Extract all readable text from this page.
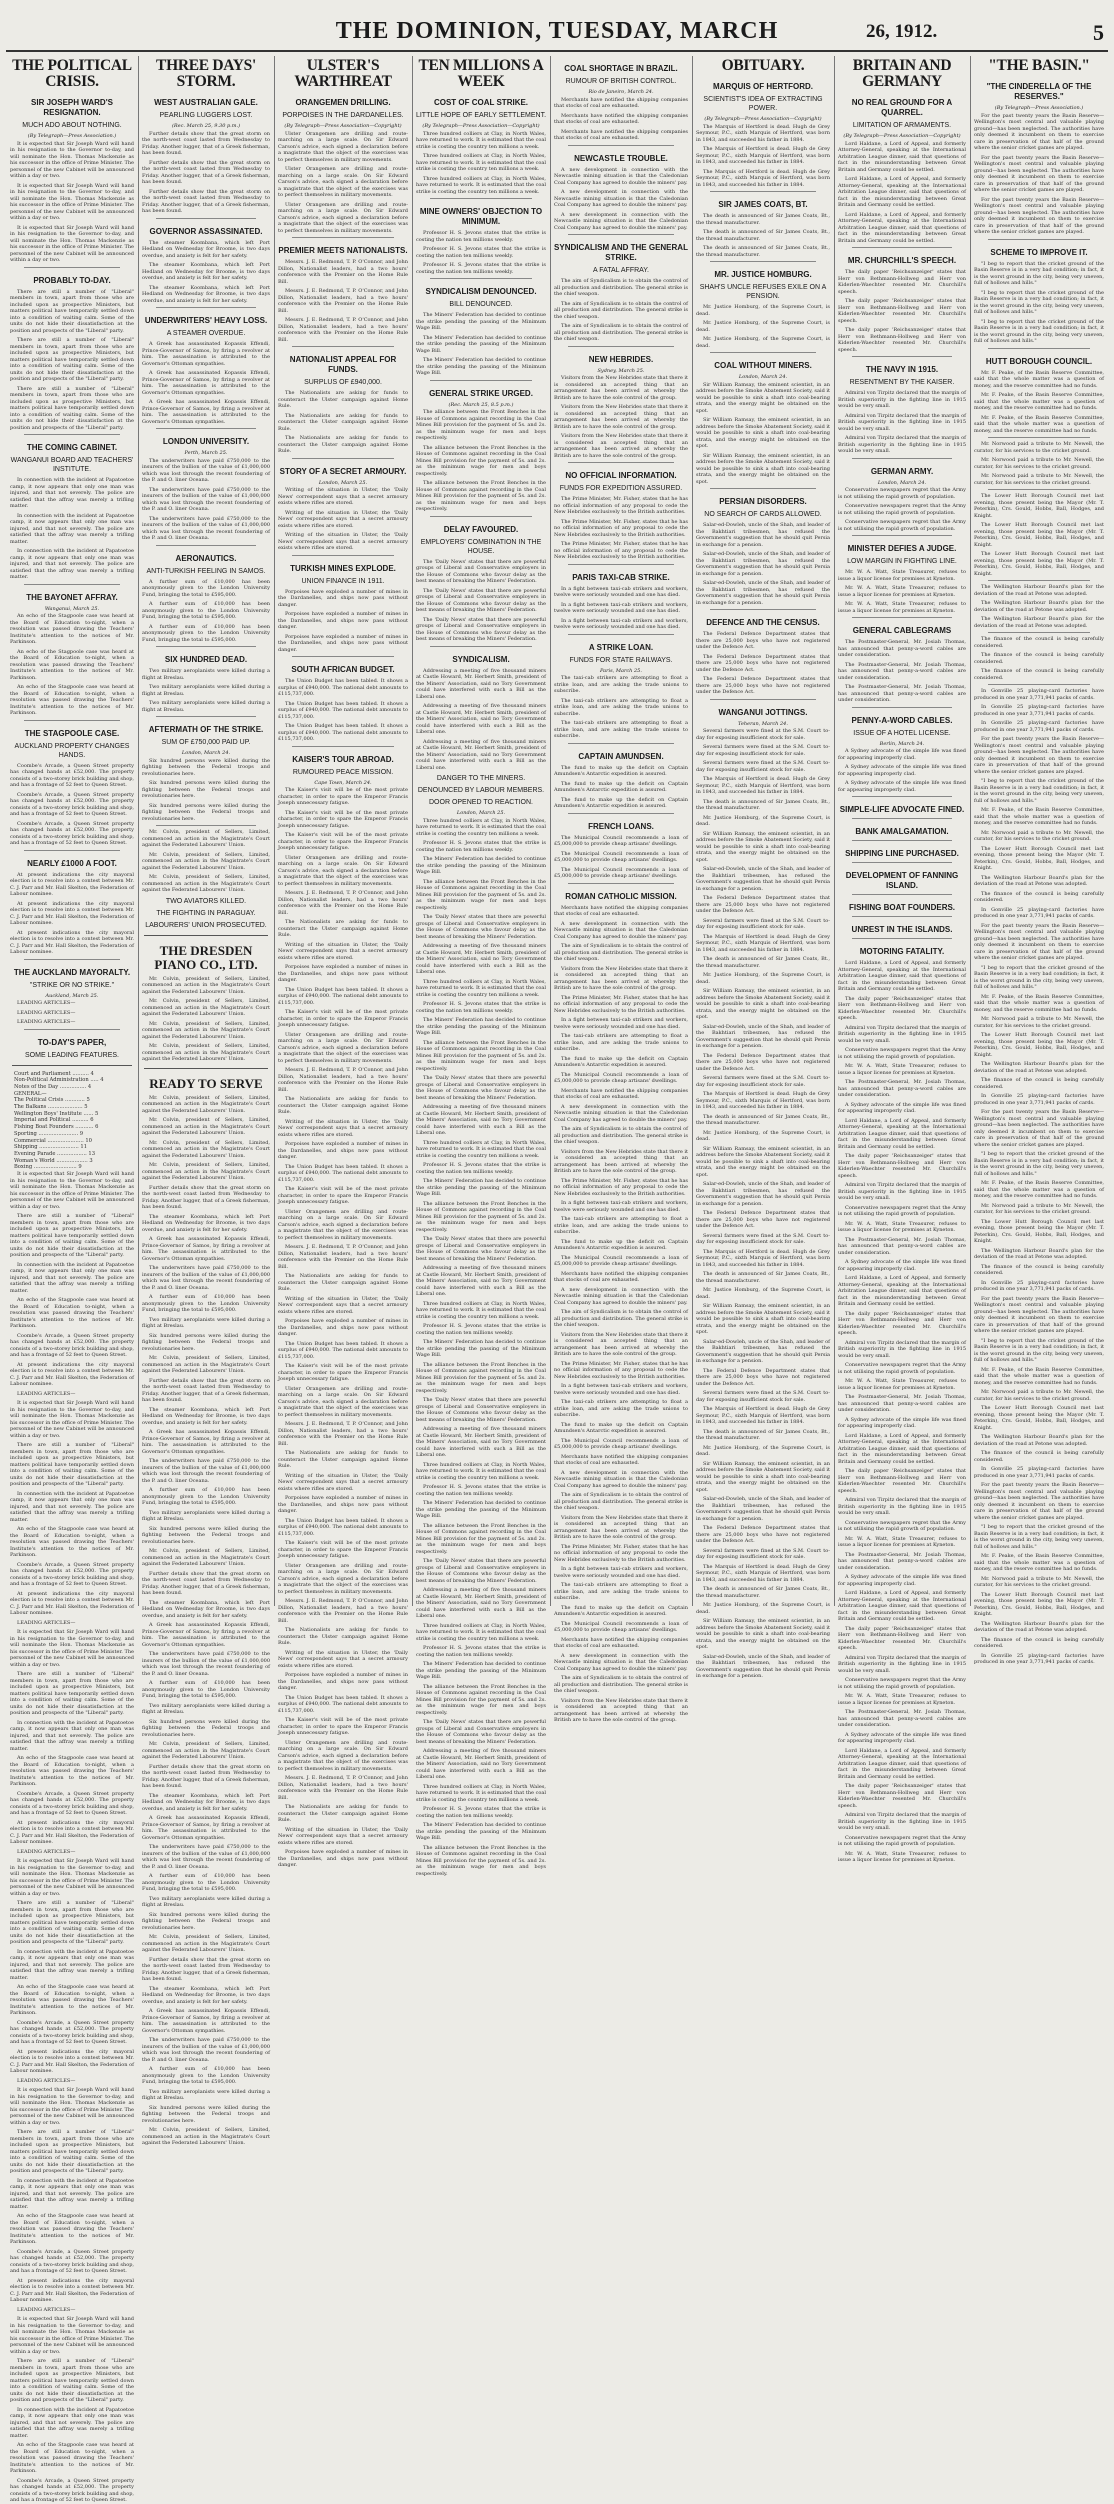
THE DOMINION, TUESDAY, MARCH	26, 1912.	5
THE POLITICAL CRISIS.
SIR JOSEPH WARD'S RESIGNATION.
MUCH ADO ABOUT NOTHING.
(By Telegraph—Press Association.)

It is expected that Sir Joseph Ward will hand in his resignation to the Governor to-day, and will nominate the Hon. Thomas Mackenzie as his successor in the office of Prime Minister. The personnel of the new Cabinet will be announced within a day or two.

It is expected that Sir Joseph Ward will hand in his resignation to the Governor to-day, and will nominate the Hon. Thomas Mackenzie as his successor in the office of Prime Minister. The personnel of the new Cabinet will be announced within a day or two.

It is expected that Sir Joseph Ward will hand in his resignation to the Governor to-day, and will nominate the Hon. Thomas Mackenzie as his successor in the office of Prime Minister. The personnel of the new Cabinet will be announced within a day or two.

PROBABLY TO-DAY.

There are still a number of "Liberal" members in town, apart from those who are included upon as prospective Ministers, but matters political have temporarily settled down into a condition of waiting calm. Some of the units do not hide their dissatisfaction at the position and prospects of the "Liberal" party.

There are still a number of "Liberal" members in town, apart from those who are included upon as prospective Ministers, but matters political have temporarily settled down into a condition of waiting calm. Some of the units do not hide their dissatisfaction at the position and prospects of the "Liberal" party.

There are still a number of "Liberal" members in town, apart from those who are included upon as prospective Ministers, but matters political have temporarily settled down into a condition of waiting calm. Some of the units do not hide their dissatisfaction at the position and prospects of the "Liberal" party.

THE COMING CABINET.
WANGANUI BOARD AND TEACHERS' INSTITUTE.

In connection with the incident at Papatoetoe camp, it now appears that only one man was injured, and that not severely. The police are satisfied that the affray was merely a trifling matter.

In connection with the incident at Papatoetoe camp, it now appears that only one man was injured, and that not severely. The police are satisfied that the affray was merely a trifling matter.

In connection with the incident at Papatoetoe camp, it now appears that only one man was injured, and that not severely. The police are satisfied that the affray was merely a trifling matter.

THE BAYONET AFFRAY.
Wanganui, March 25.

An echo of the Stagpoole case was heard at the Board of Education to-night, when a resolution was passed drawing the Teachers' Institute's attention to the notices of Mr. Parkinson.

An echo of the Stagpoole case was heard at the Board of Education to-night, when a resolution was passed drawing the Teachers' Institute's attention to the notices of Mr. Parkinson.

An echo of the Stagpoole case was heard at the Board of Education to-night, when a resolution was passed drawing the Teachers' Institute's attention to the notices of Mr. Parkinson.

THE STAGPOOLE CASE.
AUCKLAND PROPERTY CHANGES HANDS.

Coombe's Arcade, a Queen Street property has changed hands at £52,000. The property consists of a two-storey brick building and shop, and has a frontage of 52 feet to Queen Street.

Coombe's Arcade, a Queen Street property has changed hands at £52,000. The property consists of a two-storey brick building and shop, and has a frontage of 52 feet to Queen Street.

Coombe's Arcade, a Queen Street property has changed hands at £52,000. The property consists of a two-storey brick building and shop, and has a frontage of 52 feet to Queen Street.

NEARLY £1000 A FOOT.

At present indications the city mayoral election is to resolve into a contest between Mr. C. J. Parr and Mr. Hall Skelton, the Federation of Labour nominee.

At present indications the city mayoral election is to resolve into a contest between Mr. C. J. Parr and Mr. Hall Skelton, the Federation of Labour nominee.

At present indications the city mayoral election is to resolve into a contest between Mr. C. J. Parr and Mr. Hall Skelton, the Federation of Labour nominee.

THE AUCKLAND MAYORALTY.
"STRIKE OR NO STRIKE."
Auckland, March 25.

LEADING ARTICLES—

LEADING ARTICLES—

LEADING ARTICLES—

TO-DAY'S PAPER,
SOME LEADING FEATURES.
Court and Parliament .......... 4
Non-Political Administration ..... 4
Notes of the Day ................ 4
GENERAL—
The Political Crisis ............ 5
The Balkans ..................... 5
Wellington Boys' Institute ...... 5
Imperial and Political .......... 6
Fishing Boat Founders ........... 6
Sporting ........................ 9
Commercial ...................... 10
Shipping ........................ 11
Evening Parade .................. 13
Woman's World ................... 3
Boxing .......................... 9

It is expected that Sir Joseph Ward will hand in his resignation to the Governor to-day, and will nominate the Hon. Thomas Mackenzie as his successor in the office of Prime Minister. The personnel of the new Cabinet will be announced within a day or two.

There are still a number of "Liberal" members in town, apart from those who are included upon as prospective Ministers, but matters political have temporarily settled down into a condition of waiting calm. Some of the units do not hide their dissatisfaction at the position and prospects of the "Liberal" party.

In connection with the incident at Papatoetoe camp, it now appears that only one man was injured, and that not severely. The police are satisfied that the affray was merely a trifling matter.

An echo of the Stagpoole case was heard at the Board of Education to-night, when a resolution was passed drawing the Teachers' Institute's attention to the notices of Mr. Parkinson.

Coombe's Arcade, a Queen Street property has changed hands at £52,000. The property consists of a two-storey brick building and shop, and has a frontage of 52 feet to Queen Street.

At present indications the city mayoral election is to resolve into a contest between Mr. C. J. Parr and Mr. Hall Skelton, the Federation of Labour nominee.

LEADING ARTICLES—

It is expected that Sir Joseph Ward will hand in his resignation to the Governor to-day, and will nominate the Hon. Thomas Mackenzie as his successor in the office of Prime Minister. The personnel of the new Cabinet will be announced within a day or two.

There are still a number of "Liberal" members in town, apart from those who are included upon as prospective Ministers, but matters political have temporarily settled down into a condition of waiting calm. Some of the units do not hide their dissatisfaction at the position and prospects of the "Liberal" party.

In connection with the incident at Papatoetoe camp, it now appears that only one man was injured, and that not severely. The police are satisfied that the affray was merely a trifling matter.

An echo of the Stagpoole case was heard at the Board of Education to-night, when a resolution was passed drawing the Teachers' Institute's attention to the notices of Mr. Parkinson.

Coombe's Arcade, a Queen Street property has changed hands at £52,000. The property consists of a two-storey brick building and shop, and has a frontage of 52 feet to Queen Street.

At present indications the city mayoral election is to resolve into a contest between Mr. C. J. Parr and Mr. Hall Skelton, the Federation of Labour nominee.

LEADING ARTICLES—

It is expected that Sir Joseph Ward will hand in his resignation to the Governor to-day, and will nominate the Hon. Thomas Mackenzie as his successor in the office of Prime Minister. The personnel of the new Cabinet will be announced within a day or two.

There are still a number of "Liberal" members in town, apart from those who are included upon as prospective Ministers, but matters political have temporarily settled down into a condition of waiting calm. Some of the units do not hide their dissatisfaction at the position and prospects of the "Liberal" party.

In connection with the incident at Papatoetoe camp, it now appears that only one man was injured, and that not severely. The police are satisfied that the affray was merely a trifling matter.

An echo of the Stagpoole case was heard at the Board of Education to-night, when a resolution was passed drawing the Teachers' Institute's attention to the notices of Mr. Parkinson.

Coombe's Arcade, a Queen Street property has changed hands at £52,000. The property consists of a two-storey brick building and shop, and has a frontage of 52 feet to Queen Street.

At present indications the city mayoral election is to resolve into a contest between Mr. C. J. Parr and Mr. Hall Skelton, the Federation of Labour nominee.

LEADING ARTICLES—

It is expected that Sir Joseph Ward will hand in his resignation to the Governor to-day, and will nominate the Hon. Thomas Mackenzie as his successor in the office of Prime Minister. The personnel of the new Cabinet will be announced within a day or two.

There are still a number of "Liberal" members in town, apart from those who are included upon as prospective Ministers, but matters political have temporarily settled down into a condition of waiting calm. Some of the units do not hide their dissatisfaction at the position and prospects of the "Liberal" party.

In connection with the incident at Papatoetoe camp, it now appears that only one man was injured, and that not severely. The police are satisfied that the affray was merely a trifling matter.

An echo of the Stagpoole case was heard at the Board of Education to-night, when a resolution was passed drawing the Teachers' Institute's attention to the notices of Mr. Parkinson.

Coombe's Arcade, a Queen Street property has changed hands at £52,000. The property consists of a two-storey brick building and shop, and has a frontage of 52 feet to Queen Street.

At present indications the city mayoral election is to resolve into a contest between Mr. C. J. Parr and Mr. Hall Skelton, the Federation of Labour nominee.

LEADING ARTICLES—

It is expected that Sir Joseph Ward will hand in his resignation to the Governor to-day, and will nominate the Hon. Thomas Mackenzie as his successor in the office of Prime Minister. The personnel of the new Cabinet will be announced within a day or two.

There are still a number of "Liberal" members in town, apart from those who are included upon as prospective Ministers, but matters political have temporarily settled down into a condition of waiting calm. Some of the units do not hide their dissatisfaction at the position and prospects of the "Liberal" party.

In connection with the incident at Papatoetoe camp, it now appears that only one man was injured, and that not severely. The police are satisfied that the affray was merely a trifling matter.

An echo of the Stagpoole case was heard at the Board of Education to-night, when a resolution was passed drawing the Teachers' Institute's attention to the notices of Mr. Parkinson.

Coombe's Arcade, a Queen Street property has changed hands at £52,000. The property consists of a two-storey brick building and shop, and has a frontage of 52 feet to Queen Street.

At present indications the city mayoral election is to resolve into a contest between Mr. C. J. Parr and Mr. Hall Skelton, the Federation of Labour nominee.

LEADING ARTICLES—

It is expected that Sir Joseph Ward will hand in his resignation to the Governor to-day, and will nominate the Hon. Thomas Mackenzie as his successor in the office of Prime Minister. The personnel of the new Cabinet will be announced within a day or two.

There are still a number of "Liberal" members in town, apart from those who are included upon as prospective Ministers, but matters political have temporarily settled down into a condition of waiting calm. Some of the units do not hide their dissatisfaction at the position and prospects of the "Liberal" party.

In connection with the incident at Papatoetoe camp, it now appears that only one man was injured, and that not severely. The police are satisfied that the affray was merely a trifling matter.

An echo of the Stagpoole case was heard at the Board of Education to-night, when a resolution was passed drawing the Teachers' Institute's attention to the notices of Mr. Parkinson.

Coombe's Arcade, a Queen Street property has changed hands at £52,000. The property consists of a two-storey brick building and shop, and has a frontage of 52 feet to Queen Street.

THREE DAYS' STORM.
WEST AUSTRALIAN GALE.
PEARLING LUGGERS LOST.
(Rec. March 25, 9.30 p.m.)

Further details show that the great storm on the north-west coast lasted from Wednesday to Friday. Another lugger, that of a Greek fisherman, has been found.

Further details show that the great storm on the north-west coast lasted from Wednesday to Friday. Another lugger, that of a Greek fisherman, has been found.

Further details show that the great storm on the north-west coast lasted from Wednesday to Friday. Another lugger, that of a Greek fisherman, has been found.

GOVERNOR ASSASSINATED.

The steamer Koombana, which left Port Hedland on Wednesday for Broome, is two days overdue, and anxiety is felt for her safety.

The steamer Koombana, which left Port Hedland on Wednesday for Broome, is two days overdue, and anxiety is felt for her safety.

The steamer Koombana, which left Port Hedland on Wednesday for Broome, is two days overdue, and anxiety is felt for her safety.

UNDERWRITERS' HEAVY LOSS.
A STEAMER OVERDUE.

A Greek has assassinated Kopassis Effendi, Prince-Governor of Samos, by firing a revolver at him. The assassination is attributed to the Governor's Ottoman sympathies.

A Greek has assassinated Kopassis Effendi, Prince-Governor of Samos, by firing a revolver at him. The assassination is attributed to the Governor's Ottoman sympathies.

A Greek has assassinated Kopassis Effendi, Prince-Governor of Samos, by firing a revolver at him. The assassination is attributed to the Governor's Ottoman sympathies.

LONDON UNIVERSITY.
Perth, March 25.

The underwriters have paid £750,000 to the insurers of the bullion of the value of £1,000,000 which was lost through the recent foundering of the P. and O. liner Oceana.

The underwriters have paid £750,000 to the insurers of the bullion of the value of £1,000,000 which was lost through the recent foundering of the P. and O. liner Oceana.

The underwriters have paid £750,000 to the insurers of the bullion of the value of £1,000,000 which was lost through the recent foundering of the P. and O. liner Oceana.

AERONAUTICS.
ANTI-TURKISH FEELING IN SAMOS.

A further sum of £10,000 has been anonymously given to the London University Fund, bringing the total to £595,000.

A further sum of £10,000 has been anonymously given to the London University Fund, bringing the total to £595,000.

A further sum of £10,000 has been anonymously given to the London University Fund, bringing the total to £595,000.

SIX HUNDRED DEAD.

Two military aeroplanists were killed during a flight at Breslau.

Two military aeroplanists were killed during a flight at Breslau.

Two military aeroplanists were killed during a flight at Breslau.

AFTERMATH OF THE STRIKE.
SUM OF £750,000 PAID UP.
London, March 24.

Six hundred persons were killed during the fighting between the Federal troops and revolutionaries here.

Six hundred persons were killed during the fighting between the Federal troops and revolutionaries here.

Six hundred persons were killed during the fighting between the Federal troops and revolutionaries here.

Mr. Colvin, president of Sellers, Limited, commenced an action in the Magistrate's Court against the Federated Labourers' Union.

Mr. Colvin, president of Sellers, Limited, commenced an action in the Magistrate's Court against the Federated Labourers' Union.

Mr. Colvin, president of Sellers, Limited, commenced an action in the Magistrate's Court against the Federated Labourers' Union.

TWO AVIATORS KILLED.
THE FIGHTING IN PARAGUAY.
LABOURERS' UNION PROSECUTED.
THE DRESDEN PIANO CO., LTD.

Mr. Colvin, president of Sellers, Limited, commenced an action in the Magistrate's Court against the Federated Labourers' Union.

Mr. Colvin, president of Sellers, Limited, commenced an action in the Magistrate's Court against the Federated Labourers' Union.

Mr. Colvin, president of Sellers, Limited, commenced an action in the Magistrate's Court against the Federated Labourers' Union.

Mr. Colvin, president of Sellers, Limited, commenced an action in the Magistrate's Court against the Federated Labourers' Union.

READY TO SERVE

Mr. Colvin, president of Sellers, Limited, commenced an action in the Magistrate's Court against the Federated Labourers' Union.

Mr. Colvin, president of Sellers, Limited, commenced an action in the Magistrate's Court against the Federated Labourers' Union.

Mr. Colvin, president of Sellers, Limited, commenced an action in the Magistrate's Court against the Federated Labourers' Union.

Mr. Colvin, president of Sellers, Limited, commenced an action in the Magistrate's Court against the Federated Labourers' Union.

Further details show that the great storm on the north-west coast lasted from Wednesday to Friday. Another lugger, that of a Greek fisherman, has been found.

The steamer Koombana, which left Port Hedland on Wednesday for Broome, is two days overdue, and anxiety is felt for her safety.

A Greek has assassinated Kopassis Effendi, Prince-Governor of Samos, by firing a revolver at him. The assassination is attributed to the Governor's Ottoman sympathies.

The underwriters have paid £750,000 to the insurers of the bullion of the value of £1,000,000 which was lost through the recent foundering of the P. and O. liner Oceana.

A further sum of £10,000 has been anonymously given to the London University Fund, bringing the total to £595,000.

Two military aeroplanists were killed during a flight at Breslau.

Six hundred persons were killed during the fighting between the Federal troops and revolutionaries here.

Mr. Colvin, president of Sellers, Limited, commenced an action in the Magistrate's Court against the Federated Labourers' Union.

Further details show that the great storm on the north-west coast lasted from Wednesday to Friday. Another lugger, that of a Greek fisherman, has been found.

The steamer Koombana, which left Port Hedland on Wednesday for Broome, is two days overdue, and anxiety is felt for her safety.

A Greek has assassinated Kopassis Effendi, Prince-Governor of Samos, by firing a revolver at him. The assassination is attributed to the Governor's Ottoman sympathies.

The underwriters have paid £750,000 to the insurers of the bullion of the value of £1,000,000 which was lost through the recent foundering of the P. and O. liner Oceana.

A further sum of £10,000 has been anonymously given to the London University Fund, bringing the total to £595,000.

Two military aeroplanists were killed during a flight at Breslau.

Six hundred persons were killed during the fighting between the Federal troops and revolutionaries here.

Mr. Colvin, president of Sellers, Limited, commenced an action in the Magistrate's Court against the Federated Labourers' Union.

Further details show that the great storm on the north-west coast lasted from Wednesday to Friday. Another lugger, that of a Greek fisherman, has been found.

The steamer Koombana, which left Port Hedland on Wednesday for Broome, is two days overdue, and anxiety is felt for her safety.

A Greek has assassinated Kopassis Effendi, Prince-Governor of Samos, by firing a revolver at him. The assassination is attributed to the Governor's Ottoman sympathies.

The underwriters have paid £750,000 to the insurers of the bullion of the value of £1,000,000 which was lost through the recent foundering of the P. and O. liner Oceana.

A further sum of £10,000 has been anonymously given to the London University Fund, bringing the total to £595,000.

Two military aeroplanists were killed during a flight at Breslau.

Six hundred persons were killed during the fighting between the Federal troops and revolutionaries here.

Mr. Colvin, president of Sellers, Limited, commenced an action in the Magistrate's Court against the Federated Labourers' Union.

Further details show that the great storm on the north-west coast lasted from Wednesday to Friday. Another lugger, that of a Greek fisherman, has been found.

The steamer Koombana, which left Port Hedland on Wednesday for Broome, is two days overdue, and anxiety is felt for her safety.

A Greek has assassinated Kopassis Effendi, Prince-Governor of Samos, by firing a revolver at him. The assassination is attributed to the Governor's Ottoman sympathies.

The underwriters have paid £750,000 to the insurers of the bullion of the value of £1,000,000 which was lost through the recent foundering of the P. and O. liner Oceana.

A further sum of £10,000 has been anonymously given to the London University Fund, bringing the total to £595,000.

Two military aeroplanists were killed during a flight at Breslau.

Six hundred persons were killed during the fighting between the Federal troops and revolutionaries here.

Mr. Colvin, president of Sellers, Limited, commenced an action in the Magistrate's Court against the Federated Labourers' Union.

Further details show that the great storm on the north-west coast lasted from Wednesday to Friday. Another lugger, that of a Greek fisherman, has been found.

The steamer Koombana, which left Port Hedland on Wednesday for Broome, is two days overdue, and anxiety is felt for her safety.

A Greek has assassinated Kopassis Effendi, Prince-Governor of Samos, by firing a revolver at him. The assassination is attributed to the Governor's Ottoman sympathies.

The underwriters have paid £750,000 to the insurers of the bullion of the value of £1,000,000 which was lost through the recent foundering of the P. and O. liner Oceana.

A further sum of £10,000 has been anonymously given to the London University Fund, bringing the total to £595,000.

Two military aeroplanists were killed during a flight at Breslau.

Six hundred persons were killed during the fighting between the Federal troops and revolutionaries here.

Mr. Colvin, president of Sellers, Limited, commenced an action in the Magistrate's Court against the Federated Labourers' Union.

ULSTER'S WARTHREAT
ORANGEMEN DRILLING.
PORPOISES IN THE DARDANELLES.
(By Telegraph—Press Association—Copyright)

Ulster Orangemen are drilling and route-marching on a large scale. On Sir Edward Carson's advice, each signed a declaration before a magistrate that the object of the exercises was to perfect themselves in military movements.

Ulster Orangemen are drilling and route-marching on a large scale. On Sir Edward Carson's advice, each signed a declaration before a magistrate that the object of the exercises was to perfect themselves in military movements.

Ulster Orangemen are drilling and route-marching on a large scale. On Sir Edward Carson's advice, each signed a declaration before a magistrate that the object of the exercises was to perfect themselves in military movements.

PREMIER MEETS NATIONALISTS.

Messrs. J. E. Redmond, T. P. O'Connor, and John Dillon, Nationalist leaders, had a two hours' conference with the Premier on the Home Rule Bill.

Messrs. J. E. Redmond, T. P. O'Connor, and John Dillon, Nationalist leaders, had a two hours' conference with the Premier on the Home Rule Bill.

Messrs. J. E. Redmond, T. P. O'Connor, and John Dillon, Nationalist leaders, had a two hours' conference with the Premier on the Home Rule Bill.

NATIONALIST APPEAL FOR FUNDS.
SURPLUS OF £940,000.

The Nationalists are asking for funds to counteract the Ulster campaign against Home Rule.

The Nationalists are asking for funds to counteract the Ulster campaign against Home Rule.

The Nationalists are asking for funds to counteract the Ulster campaign against Home Rule.

STORY OF A SECRET ARMOURY.
London, March 25.

Writing of the situation in Ulster, the 'Daily News' correspondent says that a secret armoury exists where rifles are stored.

Writing of the situation in Ulster, the 'Daily News' correspondent says that a secret armoury exists where rifles are stored.

Writing of the situation in Ulster, the 'Daily News' correspondent says that a secret armoury exists where rifles are stored.

TURKISH MINES EXPLODE.
UNION FINANCE IN 1911.

Porpoises have exploded a number of mines in the Dardanelles, and ships now pass without danger.

Porpoises have exploded a number of mines in the Dardanelles, and ships now pass without danger.

Porpoises have exploded a number of mines in the Dardanelles, and ships now pass without danger.

SOUTH AFRICAN BUDGET.

The Union Budget has been tabled. It shows a surplus of £940,000. The national debt amounts to £115,737,000.

The Union Budget has been tabled. It shows a surplus of £940,000. The national debt amounts to £115,737,000.

The Union Budget has been tabled. It shows a surplus of £940,000. The national debt amounts to £115,737,000.

KAISER'S TOUR ABROAD.
RUMOURED PEACE MISSION.
Cape Town, March 24.

The Kaiser's visit will be of the most private character, in order to spare the Emperor Francis Joseph unnecessary fatigue.

The Kaiser's visit will be of the most private character, in order to spare the Emperor Francis Joseph unnecessary fatigue.

The Kaiser's visit will be of the most private character, in order to spare the Emperor Francis Joseph unnecessary fatigue.

Ulster Orangemen are drilling and route-marching on a large scale. On Sir Edward Carson's advice, each signed a declaration before a magistrate that the object of the exercises was to perfect themselves in military movements.

Messrs. J. E. Redmond, T. P. O'Connor, and John Dillon, Nationalist leaders, had a two hours' conference with the Premier on the Home Rule Bill.

The Nationalists are asking for funds to counteract the Ulster campaign against Home Rule.

Writing of the situation in Ulster, the 'Daily News' correspondent says that a secret armoury exists where rifles are stored.

Porpoises have exploded a number of mines in the Dardanelles, and ships now pass without danger.

The Union Budget has been tabled. It shows a surplus of £940,000. The national debt amounts to £115,737,000.

The Kaiser's visit will be of the most private character, in order to spare the Emperor Francis Joseph unnecessary fatigue.

Ulster Orangemen are drilling and route-marching on a large scale. On Sir Edward Carson's advice, each signed a declaration before a magistrate that the object of the exercises was to perfect themselves in military movements.

Messrs. J. E. Redmond, T. P. O'Connor, and John Dillon, Nationalist leaders, had a two hours' conference with the Premier on the Home Rule Bill.

The Nationalists are asking for funds to counteract the Ulster campaign against Home Rule.

Writing of the situation in Ulster, the 'Daily News' correspondent says that a secret armoury exists where rifles are stored.

Porpoises have exploded a number of mines in the Dardanelles, and ships now pass without danger.

The Union Budget has been tabled. It shows a surplus of £940,000. The national debt amounts to £115,737,000.

The Kaiser's visit will be of the most private character, in order to spare the Emperor Francis Joseph unnecessary fatigue.

Ulster Orangemen are drilling and route-marching on a large scale. On Sir Edward Carson's advice, each signed a declaration before a magistrate that the object of the exercises was to perfect themselves in military movements.

Messrs. J. E. Redmond, T. P. O'Connor, and John Dillon, Nationalist leaders, had a two hours' conference with the Premier on the Home Rule Bill.

The Nationalists are asking for funds to counteract the Ulster campaign against Home Rule.

Writing of the situation in Ulster, the 'Daily News' correspondent says that a secret armoury exists where rifles are stored.

Porpoises have exploded a number of mines in the Dardanelles, and ships now pass without danger.

The Union Budget has been tabled. It shows a surplus of £940,000. The national debt amounts to £115,737,000.

The Kaiser's visit will be of the most private character, in order to spare the Emperor Francis Joseph unnecessary fatigue.

Ulster Orangemen are drilling and route-marching on a large scale. On Sir Edward Carson's advice, each signed a declaration before a magistrate that the object of the exercises was to perfect themselves in military movements.

Messrs. J. E. Redmond, T. P. O'Connor, and John Dillon, Nationalist leaders, had a two hours' conference with the Premier on the Home Rule Bill.

The Nationalists are asking for funds to counteract the Ulster campaign against Home Rule.

Writing of the situation in Ulster, the 'Daily News' correspondent says that a secret armoury exists where rifles are stored.

Porpoises have exploded a number of mines in the Dardanelles, and ships now pass without danger.

The Union Budget has been tabled. It shows a surplus of £940,000. The national debt amounts to £115,737,000.

The Kaiser's visit will be of the most private character, in order to spare the Emperor Francis Joseph unnecessary fatigue.

Ulster Orangemen are drilling and route-marching on a large scale. On Sir Edward Carson's advice, each signed a declaration before a magistrate that the object of the exercises was to perfect themselves in military movements.

Messrs. J. E. Redmond, T. P. O'Connor, and John Dillon, Nationalist leaders, had a two hours' conference with the Premier on the Home Rule Bill.

The Nationalists are asking for funds to counteract the Ulster campaign against Home Rule.

Writing of the situation in Ulster, the 'Daily News' correspondent says that a secret armoury exists where rifles are stored.

Porpoises have exploded a number of mines in the Dardanelles, and ships now pass without danger.

The Union Budget has been tabled. It shows a surplus of £940,000. The national debt amounts to £115,737,000.

The Kaiser's visit will be of the most private character, in order to spare the Emperor Francis Joseph unnecessary fatigue.

Ulster Orangemen are drilling and route-marching on a large scale. On Sir Edward Carson's advice, each signed a declaration before a magistrate that the object of the exercises was to perfect themselves in military movements.

Messrs. J. E. Redmond, T. P. O'Connor, and John Dillon, Nationalist leaders, had a two hours' conference with the Premier on the Home Rule Bill.

The Nationalists are asking for funds to counteract the Ulster campaign against Home Rule.

Writing of the situation in Ulster, the 'Daily News' correspondent says that a secret armoury exists where rifles are stored.

Porpoises have exploded a number of mines in the Dardanelles, and ships now pass without danger.

TEN MILLIONS A WEEK
COST OF COAL STRIKE.
LITTLE HOPE OF EARLY SETTLEMENT.
(By Telegraph—Press Association—Copyright)

Three hundred colliers at Clay, in North Wales, have returned to work. It is estimated that the coal strike is costing the country ten millions a week.

Three hundred colliers at Clay, in North Wales, have returned to work. It is estimated that the coal strike is costing the country ten millions a week.

Three hundred colliers at Clay, in North Wales, have returned to work. It is estimated that the coal strike is costing the country ten millions a week.

MINE OWNERS' OBJECTION TO MINIMUM.

Professor H. S. Jevons states that the strike is costing the nation ten millions weekly.

Professor H. S. Jevons states that the strike is costing the nation ten millions weekly.

Professor H. S. Jevons states that the strike is costing the nation ten millions weekly.

SYNDICALISM DENOUNCED.
BILL DENOUNCED.

The Miners' Federation has decided to continue the strike pending the passing of the Minimum Wage Bill.

The Miners' Federation has decided to continue the strike pending the passing of the Minimum Wage Bill.

The Miners' Federation has decided to continue the strike pending the passing of the Minimum Wage Bill.

GENERAL STRIKE URGED.
(Rec. March 25, 8.5 p.m.)

The alliance between the Front Benches in the House of Commons against recording in the Coal Mines Bill provision for the payment of 5s. and 2s. as the minimum wage for men and boys respectively.

The alliance between the Front Benches in the House of Commons against recording in the Coal Mines Bill provision for the payment of 5s. and 2s. as the minimum wage for men and boys respectively.

The alliance between the Front Benches in the House of Commons against recording in the Coal Mines Bill provision for the payment of 5s. and 2s. as the minimum wage for men and boys respectively.

DELAY FAVOURED.
EMPLOYERS' COMBINATION IN THE HOUSE.

The 'Daily News' states that there are powerful groups of Liberal and Conservative employers in the House of Commons who favour delay as the best means of breaking the Miners' Federation.

The 'Daily News' states that there are powerful groups of Liberal and Conservative employers in the House of Commons who favour delay as the best means of breaking the Miners' Federation.

The 'Daily News' states that there are powerful groups of Liberal and Conservative employers in the House of Commons who favour delay as the best means of breaking the Miners' Federation.

SYNDICALISM.

Addressing a meeting of five thousand miners at Castle Howard, Mr. Herbert Smith, president of the Miners' Association, said no Tory Government could have interfered with such a Bill as the Liberal one.

Addressing a meeting of five thousand miners at Castle Howard, Mr. Herbert Smith, president of the Miners' Association, said no Tory Government could have interfered with such a Bill as the Liberal one.

Addressing a meeting of five thousand miners at Castle Howard, Mr. Herbert Smith, president of the Miners' Association, said no Tory Government could have interfered with such a Bill as the Liberal one.

DANGER TO THE MINERS.
DENOUNCED BY LABOUR MEMBERS.
DOOR OPENED TO REACTION.
London, March 25.

Three hundred colliers at Clay, in North Wales, have returned to work. It is estimated that the coal strike is costing the country ten millions a week.

Professor H. S. Jevons states that the strike is costing the nation ten millions weekly.

The Miners' Federation has decided to continue the strike pending the passing of the Minimum Wage Bill.

The alliance between the Front Benches in the House of Commons against recording in the Coal Mines Bill provision for the payment of 5s. and 2s. as the minimum wage for men and boys respectively.

The 'Daily News' states that there are powerful groups of Liberal and Conservative employers in the House of Commons who favour delay as the best means of breaking the Miners' Federation.

Addressing a meeting of five thousand miners at Castle Howard, Mr. Herbert Smith, president of the Miners' Association, said no Tory Government could have interfered with such a Bill as the Liberal one.

Three hundred colliers at Clay, in North Wales, have returned to work. It is estimated that the coal strike is costing the country ten millions a week.

Professor H. S. Jevons states that the strike is costing the nation ten millions weekly.

The Miners' Federation has decided to continue the strike pending the passing of the Minimum Wage Bill.

The alliance between the Front Benches in the House of Commons against recording in the Coal Mines Bill provision for the payment of 5s. and 2s. as the minimum wage for men and boys respectively.

The 'Daily News' states that there are powerful groups of Liberal and Conservative employers in the House of Commons who favour delay as the best means of breaking the Miners' Federation.

Addressing a meeting of five thousand miners at Castle Howard, Mr. Herbert Smith, president of the Miners' Association, said no Tory Government could have interfered with such a Bill as the Liberal one.

Three hundred colliers at Clay, in North Wales, have returned to work. It is estimated that the coal strike is costing the country ten millions a week.

Professor H. S. Jevons states that the strike is costing the nation ten millions weekly.

The Miners' Federation has decided to continue the strike pending the passing of the Minimum Wage Bill.

The alliance between the Front Benches in the House of Commons against recording in the Coal Mines Bill provision for the payment of 5s. and 2s. as the minimum wage for men and boys respectively.

The 'Daily News' states that there are powerful groups of Liberal and Conservative employers in the House of Commons who favour delay as the best means of breaking the Miners' Federation.

Addressing a meeting of five thousand miners at Castle Howard, Mr. Herbert Smith, president of the Miners' Association, said no Tory Government could have interfered with such a Bill as the Liberal one.

Three hundred colliers at Clay, in North Wales, have returned to work. It is estimated that the coal strike is costing the country ten millions a week.

Professor H. S. Jevons states that the strike is costing the nation ten millions weekly.

The Miners' Federation has decided to continue the strike pending the passing of the Minimum Wage Bill.

The alliance between the Front Benches in the House of Commons against recording in the Coal Mines Bill provision for the payment of 5s. and 2s. as the minimum wage for men and boys respectively.

The 'Daily News' states that there are powerful groups of Liberal and Conservative employers in the House of Commons who favour delay as the best means of breaking the Miners' Federation.

Addressing a meeting of five thousand miners at Castle Howard, Mr. Herbert Smith, president of the Miners' Association, said no Tory Government could have interfered with such a Bill as the Liberal one.

Three hundred colliers at Clay, in North Wales, have returned to work. It is estimated that the coal strike is costing the country ten millions a week.

Professor H. S. Jevons states that the strike is costing the nation ten millions weekly.

The Miners' Federation has decided to continue the strike pending the passing of the Minimum Wage Bill.

The alliance between the Front Benches in the House of Commons against recording in the Coal Mines Bill provision for the payment of 5s. and 2s. as the minimum wage for men and boys respectively.

The 'Daily News' states that there are powerful groups of Liberal and Conservative employers in the House of Commons who favour delay as the best means of breaking the Miners' Federation.

Addressing a meeting of five thousand miners at Castle Howard, Mr. Herbert Smith, president of the Miners' Association, said no Tory Government could have interfered with such a Bill as the Liberal one.

Three hundred colliers at Clay, in North Wales, have returned to work. It is estimated that the coal strike is costing the country ten millions a week.

Professor H. S. Jevons states that the strike is costing the nation ten millions weekly.

The Miners' Federation has decided to continue the strike pending the passing of the Minimum Wage Bill.

The alliance between the Front Benches in the House of Commons against recording in the Coal Mines Bill provision for the payment of 5s. and 2s. as the minimum wage for men and boys respectively.

The 'Daily News' states that there are powerful groups of Liberal and Conservative employers in the House of Commons who favour delay as the best means of breaking the Miners' Federation.

Addressing a meeting of five thousand miners at Castle Howard, Mr. Herbert Smith, president of the Miners' Association, said no Tory Government could have interfered with such a Bill as the Liberal one.

Three hundred colliers at Clay, in North Wales, have returned to work. It is estimated that the coal strike is costing the country ten millions a week.

Professor H. S. Jevons states that the strike is costing the nation ten millions weekly.

The Miners' Federation has decided to continue the strike pending the passing of the Minimum Wage Bill.

The alliance between the Front Benches in the House of Commons against recording in the Coal Mines Bill provision for the payment of 5s. and 2s. as the minimum wage for men and boys respectively.

COAL SHORTAGE IN BRAZIL.
RUMOUR OF BRITISH CONTROL.
Rio de Janeiro, March 24.

Merchants have notified the shipping companies that stocks of coal are exhausted.

Merchants have notified the shipping companies that stocks of coal are exhausted.

Merchants have notified the shipping companies that stocks of coal are exhausted.

NEWCASTLE TROUBLE.

A new development in connection with the Newcastle mining situation is that the Caledonian Coal Company has agreed to double the miners' pay.

A new development in connection with the Newcastle mining situation is that the Caledonian Coal Company has agreed to double the miners' pay.

A new development in connection with the Newcastle mining situation is that the Caledonian Coal Company has agreed to double the miners' pay.

SYNDICALISM AND THE GENERAL STRIKE.
A FATAL AFFRAY.

The aim of Syndicalism is to obtain the control of all production and distribution. The general strike is the chief weapon.

The aim of Syndicalism is to obtain the control of all production and distribution. The general strike is the chief weapon.

The aim of Syndicalism is to obtain the control of all production and distribution. The general strike is the chief weapon.

NEW HEBRIDES.
Sydney, March 25.

Visitors from the New Hebrides state that there it is considered an accepted thing that an arrangement has been arrived at whereby the British are to have the sole control of the group.

Visitors from the New Hebrides state that there it is considered an accepted thing that an arrangement has been arrived at whereby the British are to have the sole control of the group.

Visitors from the New Hebrides state that there it is considered an accepted thing that an arrangement has been arrived at whereby the British are to have the sole control of the group.

NO OFFICIAL INFORMATION.
FUNDS FOR EXPEDITION ASSURED.

The Prime Minister, Mr. Fisher, states that he has no official information of any proposal to cede the New Hebrides exclusively to the British authorities.

The Prime Minister, Mr. Fisher, states that he has no official information of any proposal to cede the New Hebrides exclusively to the British authorities.

The Prime Minister, Mr. Fisher, states that he has no official information of any proposal to cede the New Hebrides exclusively to the British authorities.

PARIS TAXI-CAB STRIKE.

In a fight between taxi-cab strikers and workers, twelve were seriously wounded and one has died.

In a fight between taxi-cab strikers and workers, twelve were seriously wounded and one has died.

In a fight between taxi-cab strikers and workers, twelve were seriously wounded and one has died.

A STRIKE LOAN.
FUNDS FOR STATE RAILWAYS.
Paris, March 25.

The taxi-cab strikers are attempting to float a strike loan, and are asking the trade unions to subscribe.

The taxi-cab strikers are attempting to float a strike loan, and are asking the trade unions to subscribe.

The taxi-cab strikers are attempting to float a strike loan, and are asking the trade unions to subscribe.

CAPTAIN AMUNDSEN.

The fund to make up the deficit on Captain Amundsen's Antarctic expedition is assured.

The fund to make up the deficit on Captain Amundsen's Antarctic expedition is assured.

The fund to make up the deficit on Captain Amundsen's Antarctic expedition is assured.

FRENCH LOANS.

The Municipal Council recommends a loan of £5,000,000 to provide cheap artisans' dwellings.

The Municipal Council recommends a loan of £5,000,000 to provide cheap artisans' dwellings.

The Municipal Council recommends a loan of £5,000,000 to provide cheap artisans' dwellings.

ROMAN CATHOLIC MISSION.

Merchants have notified the shipping companies that stocks of coal are exhausted.

A new development in connection with the Newcastle mining situation is that the Caledonian Coal Company has agreed to double the miners' pay.

The aim of Syndicalism is to obtain the control of all production and distribution. The general strike is the chief weapon.

Visitors from the New Hebrides state that there it is considered an accepted thing that an arrangement has been arrived at whereby the British are to have the sole control of the group.

The Prime Minister, Mr. Fisher, states that he has no official information of any proposal to cede the New Hebrides exclusively to the British authorities.

In a fight between taxi-cab strikers and workers, twelve were seriously wounded and one has died.

The taxi-cab strikers are attempting to float a strike loan, and are asking the trade unions to subscribe.

The fund to make up the deficit on Captain Amundsen's Antarctic expedition is assured.

The Municipal Council recommends a loan of £5,000,000 to provide cheap artisans' dwellings.

Merchants have notified the shipping companies that stocks of coal are exhausted.

A new development in connection with the Newcastle mining situation is that the Caledonian Coal Company has agreed to double the miners' pay.

The aim of Syndicalism is to obtain the control of all production and distribution. The general strike is the chief weapon.

Visitors from the New Hebrides state that there it is considered an accepted thing that an arrangement has been arrived at whereby the British are to have the sole control of the group.

The Prime Minister, Mr. Fisher, states that he has no official information of any proposal to cede the New Hebrides exclusively to the British authorities.

In a fight between taxi-cab strikers and workers, twelve were seriously wounded and one has died.

The taxi-cab strikers are attempting to float a strike loan, and are asking the trade unions to subscribe.

The fund to make up the deficit on Captain Amundsen's Antarctic expedition is assured.

The Municipal Council recommends a loan of £5,000,000 to provide cheap artisans' dwellings.

Merchants have notified the shipping companies that stocks of coal are exhausted.

A new development in connection with the Newcastle mining situation is that the Caledonian Coal Company has agreed to double the miners' pay.

The aim of Syndicalism is to obtain the control of all production and distribution. The general strike is the chief weapon.

Visitors from the New Hebrides state that there it is considered an accepted thing that an arrangement has been arrived at whereby the British are to have the sole control of the group.

The Prime Minister, Mr. Fisher, states that he has no official information of any proposal to cede the New Hebrides exclusively to the British authorities.

In a fight between taxi-cab strikers and workers, twelve were seriously wounded and one has died.

The taxi-cab strikers are attempting to float a strike loan, and are asking the trade unions to subscribe.

The fund to make up the deficit on Captain Amundsen's Antarctic expedition is assured.

The Municipal Council recommends a loan of £5,000,000 to provide cheap artisans' dwellings.

Merchants have notified the shipping companies that stocks of coal are exhausted.

A new development in connection with the Newcastle mining situation is that the Caledonian Coal Company has agreed to double the miners' pay.

The aim of Syndicalism is to obtain the control of all production and distribution. The general strike is the chief weapon.

Visitors from the New Hebrides state that there it is considered an accepted thing that an arrangement has been arrived at whereby the British are to have the sole control of the group.

The Prime Minister, Mr. Fisher, states that he has no official information of any proposal to cede the New Hebrides exclusively to the British authorities.

In a fight between taxi-cab strikers and workers, twelve were seriously wounded and one has died.

The taxi-cab strikers are attempting to float a strike loan, and are asking the trade unions to subscribe.

The fund to make up the deficit on Captain Amundsen's Antarctic expedition is assured.

The Municipal Council recommends a loan of £5,000,000 to provide cheap artisans' dwellings.

Merchants have notified the shipping companies that stocks of coal are exhausted.

A new development in connection with the Newcastle mining situation is that the Caledonian Coal Company has agreed to double the miners' pay.

The aim of Syndicalism is to obtain the control of all production and distribution. The general strike is the chief weapon.

Visitors from the New Hebrides state that there it is considered an accepted thing that an arrangement has been arrived at whereby the British are to have the sole control of the group.

OBITUARY.
MARQUIS OF HERTFORD.
SCIENTIST'S IDEA OF EXTRACTING POWER.
(By Telegraph—Press Association—Copyright)

The Marquis of Hertford is dead. Hugh de Grey Seymour, P.C., sixth Marquis of Hertford, was born in 1843, and succeeded his father in 1884.

The Marquis of Hertford is dead. Hugh de Grey Seymour, P.C., sixth Marquis of Hertford, was born in 1843, and succeeded his father in 1884.

The Marquis of Hertford is dead. Hugh de Grey Seymour, P.C., sixth Marquis of Hertford, was born in 1843, and succeeded his father in 1884.

SIR JAMES COATS, BT.

The death is announced of Sir James Coats, Bt., the thread manufacturer.

The death is announced of Sir James Coats, Bt., the thread manufacturer.

The death is announced of Sir James Coats, Bt., the thread manufacturer.

MR. JUSTICE HOMBURG.
SHAH'S UNCLE REFUSES EXILE ON A PENSION.

Mr. Justice Homburg, of the Supreme Court, is dead.

Mr. Justice Homburg, of the Supreme Court, is dead.

Mr. Justice Homburg, of the Supreme Court, is dead.

COAL WITHOUT MINERS.
London, March 24.

Sir William Ramsay, the eminent scientist, in an address before the Smoke Abatement Society, said it would be possible to sink a shaft into coal-bearing strata, and the energy might be obtained on the spot.

Sir William Ramsay, the eminent scientist, in an address before the Smoke Abatement Society, said it would be possible to sink a shaft into coal-bearing strata, and the energy might be obtained on the spot.

Sir William Ramsay, the eminent scientist, in an address before the Smoke Abatement Society, said it would be possible to sink a shaft into coal-bearing strata, and the energy might be obtained on the spot.

PERSIAN DISORDERS.
NO SEARCH OF CARDS ALLOWED.

Salar-ed-Dowleh, uncle of the Shah, and leader of the Bakhtiari tribesmen, has refused the Government's suggestion that he should quit Persia in exchange for a pension.

Salar-ed-Dowleh, uncle of the Shah, and leader of the Bakhtiari tribesmen, has refused the Government's suggestion that he should quit Persia in exchange for a pension.

Salar-ed-Dowleh, uncle of the Shah, and leader of the Bakhtiari tribesmen, has refused the Government's suggestion that he should quit Persia in exchange for a pension.

DEFENCE AND THE CENSUS.

The Federal Defence Department states that there are 25,000 boys who have not registered under the Defence Act.

The Federal Defence Department states that there are 25,000 boys who have not registered under the Defence Act.

The Federal Defence Department states that there are 25,000 boys who have not registered under the Defence Act.

WANGANUI JOTTINGS.
Teheran, March 24.

Several farmers were fined at the S.M. Court to-day for exposing insufficient stock for sale.

Several farmers were fined at the S.M. Court to-day for exposing insufficient stock for sale.

Several farmers were fined at the S.M. Court to-day for exposing insufficient stock for sale.

The Marquis of Hertford is dead. Hugh de Grey Seymour, P.C., sixth Marquis of Hertford, was born in 1843, and succeeded his father in 1884.

The death is announced of Sir James Coats, Bt., the thread manufacturer.

Mr. Justice Homburg, of the Supreme Court, is dead.

Sir William Ramsay, the eminent scientist, in an address before the Smoke Abatement Society, said it would be possible to sink a shaft into coal-bearing strata, and the energy might be obtained on the spot.

Salar-ed-Dowleh, uncle of the Shah, and leader of the Bakhtiari tribesmen, has refused the Government's suggestion that he should quit Persia in exchange for a pension.

The Federal Defence Department states that there are 25,000 boys who have not registered under the Defence Act.

Several farmers were fined at the S.M. Court to-day for exposing insufficient stock for sale.

The Marquis of Hertford is dead. Hugh de Grey Seymour, P.C., sixth Marquis of Hertford, was born in 1843, and succeeded his father in 1884.

The death is announced of Sir James Coats, Bt., the thread manufacturer.

Mr. Justice Homburg, of the Supreme Court, is dead.

Sir William Ramsay, the eminent scientist, in an address before the Smoke Abatement Society, said it would be possible to sink a shaft into coal-bearing strata, and the energy might be obtained on the spot.

Salar-ed-Dowleh, uncle of the Shah, and leader of the Bakhtiari tribesmen, has refused the Government's suggestion that he should quit Persia in exchange for a pension.

The Federal Defence Department states that there are 25,000 boys who have not registered under the Defence Act.

Several farmers were fined at the S.M. Court to-day for exposing insufficient stock for sale.

The Marquis of Hertford is dead. Hugh de Grey Seymour, P.C., sixth Marquis of Hertford, was born in 1843, and succeeded his father in 1884.

The death is announced of Sir James Coats, Bt., the thread manufacturer.

Mr. Justice Homburg, of the Supreme Court, is dead.

Sir William Ramsay, the eminent scientist, in an address before the Smoke Abatement Society, said it would be possible to sink a shaft into coal-bearing strata, and the energy might be obtained on the spot.

Salar-ed-Dowleh, uncle of the Shah, and leader of the Bakhtiari tribesmen, has refused the Government's suggestion that he should quit Persia in exchange for a pension.

The Federal Defence Department states that there are 25,000 boys who have not registered under the Defence Act.

Several farmers were fined at the S.M. Court to-day for exposing insufficient stock for sale.

The Marquis of Hertford is dead. Hugh de Grey Seymour, P.C., sixth Marquis of Hertford, was born in 1843, and succeeded his father in 1884.

The death is announced of Sir James Coats, Bt., the thread manufacturer.

Mr. Justice Homburg, of the Supreme Court, is dead.

Sir William Ramsay, the eminent scientist, in an address before the Smoke Abatement Society, said it would be possible to sink a shaft into coal-bearing strata, and the energy might be obtained on the spot.

Salar-ed-Dowleh, uncle of the Shah, and leader of the Bakhtiari tribesmen, has refused the Government's suggestion that he should quit Persia in exchange for a pension.

The Federal Defence Department states that there are 25,000 boys who have not registered under the Defence Act.

Several farmers were fined at the S.M. Court to-day for exposing insufficient stock for sale.

The Marquis of Hertford is dead. Hugh de Grey Seymour, P.C., sixth Marquis of Hertford, was born in 1843, and succeeded his father in 1884.

The death is announced of Sir James Coats, Bt., the thread manufacturer.

Mr. Justice Homburg, of the Supreme Court, is dead.

Sir William Ramsay, the eminent scientist, in an address before the Smoke Abatement Society, said it would be possible to sink a shaft into coal-bearing strata, and the energy might be obtained on the spot.

Salar-ed-Dowleh, uncle of the Shah, and leader of the Bakhtiari tribesmen, has refused the Government's suggestion that he should quit Persia in exchange for a pension.

The Federal Defence Department states that there are 25,000 boys who have not registered under the Defence Act.

Several farmers were fined at the S.M. Court to-day for exposing insufficient stock for sale.

The Marquis of Hertford is dead. Hugh de Grey Seymour, P.C., sixth Marquis of Hertford, was born in 1843, and succeeded his father in 1884.

The death is announced of Sir James Coats, Bt., the thread manufacturer.

Mr. Justice Homburg, of the Supreme Court, is dead.

Sir William Ramsay, the eminent scientist, in an address before the Smoke Abatement Society, said it would be possible to sink a shaft into coal-bearing strata, and the energy might be obtained on the spot.

Salar-ed-Dowleh, uncle of the Shah, and leader of the Bakhtiari tribesmen, has refused the Government's suggestion that he should quit Persia in exchange for a pension.

BRITAIN AND GERMANY
NO REAL GROUND FOR A QUARREL.
LIMITATION OF ARMAMENTS.
(By Telegraph—Press Association—Copyright)

Lord Haldane, a Lord of Appeal, and formerly Attorney-General, speaking at the International Arbitration League dinner, said that questions of fact in the misunderstanding between Great Britain and Germany could be settled.

Lord Haldane, a Lord of Appeal, and formerly Attorney-General, speaking at the International Arbitration League dinner, said that questions of fact in the misunderstanding between Great Britain and Germany could be settled.

Lord Haldane, a Lord of Appeal, and formerly Attorney-General, speaking at the International Arbitration League dinner, said that questions of fact in the misunderstanding between Great Britain and Germany could be settled.

MR. CHURCHILL'S SPEECH.

The daily paper 'Reichsanzeiger' states that Herr von Bethmann-Hollweg and Herr von Kiderlen-Waechter resented Mr. Churchill's speech.

The daily paper 'Reichsanzeiger' states that Herr von Bethmann-Hollweg and Herr von Kiderlen-Waechter resented Mr. Churchill's speech.

The daily paper 'Reichsanzeiger' states that Herr von Bethmann-Hollweg and Herr von Kiderlen-Waechter resented Mr. Churchill's speech.

THE NAVY IN 1915.
RESENTMENT BY THE KAISER.

Admiral von Tirpitz declared that the margin of British superiority in the fighting line in 1915 would be very small.

Admiral von Tirpitz declared that the margin of British superiority in the fighting line in 1915 would be very small.

Admiral von Tirpitz declared that the margin of British superiority in the fighting line in 1915 would be very small.

GERMAN ARMY.
London, March 24.

Conservative newspapers regret that the Army is not utilising the rapid growth of population.

Conservative newspapers regret that the Army is not utilising the rapid growth of population.

Conservative newspapers regret that the Army is not utilising the rapid growth of population.

MINISTER DEFIES A JUDGE.
LOW MARGIN IN FIGHTING LINE.

Mr. W. A. Watt, State Treasurer, refuses to issue a liquor license for premises at Kyneton.

Mr. W. A. Watt, State Treasurer, refuses to issue a liquor license for premises at Kyneton.

Mr. W. A. Watt, State Treasurer, refuses to issue a liquor license for premises at Kyneton.

GENERAL CABLEGRAMS

The Postmaster-General, Mr. Josiah Thomas, has announced that penny-a-word cables are under consideration.

The Postmaster-General, Mr. Josiah Thomas, has announced that penny-a-word cables are under consideration.

The Postmaster-General, Mr. Josiah Thomas, has announced that penny-a-word cables are under consideration.

PENNY-A-WORD CABLES.
ISSUE OF A HOTEL LICENSE.
Berlin, March 24.

A Sydney advocate of the simple life was fined for appearing improperly clad.

A Sydney advocate of the simple life was fined for appearing improperly clad.

A Sydney advocate of the simple life was fined for appearing improperly clad.

SIMPLE-LIFE ADVOCATE FINED.
BANK AMALGAMATION.
SHIPPING LINE PURCHASED.
DEVELOPMENT OF FANNING ISLAND.
FISHING BOAT FOUNDERS.
UNREST IN THE ISLANDS.
MOTORING FATALITY.

Lord Haldane, a Lord of Appeal, and formerly Attorney-General, speaking at the International Arbitration League dinner, said that questions of fact in the misunderstanding between Great Britain and Germany could be settled.

The daily paper 'Reichsanzeiger' states that Herr von Bethmann-Hollweg and Herr von Kiderlen-Waechter resented Mr. Churchill's speech.

Admiral von Tirpitz declared that the margin of British superiority in the fighting line in 1915 would be very small.

Conservative newspapers regret that the Army is not utilising the rapid growth of population.

Mr. W. A. Watt, State Treasurer, refuses to issue a liquor license for premises at Kyneton.

The Postmaster-General, Mr. Josiah Thomas, has announced that penny-a-word cables are under consideration.

A Sydney advocate of the simple life was fined for appearing improperly clad.

Lord Haldane, a Lord of Appeal, and formerly Attorney-General, speaking at the International Arbitration League dinner, said that questions of fact in the misunderstanding between Great Britain and Germany could be settled.

The daily paper 'Reichsanzeiger' states that Herr von Bethmann-Hollweg and Herr von Kiderlen-Waechter resented Mr. Churchill's speech.

Admiral von Tirpitz declared that the margin of British superiority in the fighting line in 1915 would be very small.

Conservative newspapers regret that the Army is not utilising the rapid growth of population.

Mr. W. A. Watt, State Treasurer, refuses to issue a liquor license for premises at Kyneton.

The Postmaster-General, Mr. Josiah Thomas, has announced that penny-a-word cables are under consideration.

A Sydney advocate of the simple life was fined for appearing improperly clad.

Lord Haldane, a Lord of Appeal, and formerly Attorney-General, speaking at the International Arbitration League dinner, said that questions of fact in the misunderstanding between Great Britain and Germany could be settled.

The daily paper 'Reichsanzeiger' states that Herr von Bethmann-Hollweg and Herr von Kiderlen-Waechter resented Mr. Churchill's speech.

Admiral von Tirpitz declared that the margin of British superiority in the fighting line in 1915 would be very small.

Conservative newspapers regret that the Army is not utilising the rapid growth of population.

Mr. W. A. Watt, State Treasurer, refuses to issue a liquor license for premises at Kyneton.

The Postmaster-General, Mr. Josiah Thomas, has announced that penny-a-word cables are under consideration.

A Sydney advocate of the simple life was fined for appearing improperly clad.

Lord Haldane, a Lord of Appeal, and formerly Attorney-General, speaking at the International Arbitration League dinner, said that questions of fact in the misunderstanding between Great Britain and Germany could be settled.

The daily paper 'Reichsanzeiger' states that Herr von Bethmann-Hollweg and Herr von Kiderlen-Waechter resented Mr. Churchill's speech.

Admiral von Tirpitz declared that the margin of British superiority in the fighting line in 1915 would be very small.

Conservative newspapers regret that the Army is not utilising the rapid growth of population.

Mr. W. A. Watt, State Treasurer, refuses to issue a liquor license for premises at Kyneton.

The Postmaster-General, Mr. Josiah Thomas, has announced that penny-a-word cables are under consideration.

A Sydney advocate of the simple life was fined for appearing improperly clad.

Lord Haldane, a Lord of Appeal, and formerly Attorney-General, speaking at the International Arbitration League dinner, said that questions of fact in the misunderstanding between Great Britain and Germany could be settled.

The daily paper 'Reichsanzeiger' states that Herr von Bethmann-Hollweg and Herr von Kiderlen-Waechter resented Mr. Churchill's speech.

Admiral von Tirpitz declared that the margin of British superiority in the fighting line in 1915 would be very small.

Conservative newspapers regret that the Army is not utilising the rapid growth of population.

Mr. W. A. Watt, State Treasurer, refuses to issue a liquor license for premises at Kyneton.

The Postmaster-General, Mr. Josiah Thomas, has announced that penny-a-word cables are under consideration.

A Sydney advocate of the simple life was fined for appearing improperly clad.

Lord Haldane, a Lord of Appeal, and formerly Attorney-General, speaking at the International Arbitration League dinner, said that questions of fact in the misunderstanding between Great Britain and Germany could be settled.

The daily paper 'Reichsanzeiger' states that Herr von Bethmann-Hollweg and Herr von Kiderlen-Waechter resented Mr. Churchill's speech.

Admiral von Tirpitz declared that the margin of British superiority in the fighting line in 1915 would be very small.

Conservative newspapers regret that the Army is not utilising the rapid growth of population.

Mr. W. A. Watt, State Treasurer, refuses to issue a liquor license for premises at Kyneton.

"THE BASIN."
"THE CINDERELLA OF THE RESERVES."
(By Telegraph—Press Association.)

For the past twenty years the Basin Reserve—Wellington's most central and valuable playing ground—has been neglected. The authorities have only deemed it incumbent on them to exercise care in preservation of that half of the ground where the senior cricket games are played.

For the past twenty years the Basin Reserve—Wellington's most central and valuable playing ground—has been neglected. The authorities have only deemed it incumbent on them to exercise care in preservation of that half of the ground where the senior cricket games are played.

For the past twenty years the Basin Reserve—Wellington's most central and valuable playing ground—has been neglected. The authorities have only deemed it incumbent on them to exercise care in preservation of that half of the ground where the senior cricket games are played.

SCHEME TO IMPROVE IT.

"I beg to report that the cricket ground of the Basin Reserve is in a very bad condition; in fact, it is the worst ground in the city, being very uneven, full of hollows and hills."

"I beg to report that the cricket ground of the Basin Reserve is in a very bad condition; in fact, it is the worst ground in the city, being very uneven, full of hollows and hills."

"I beg to report that the cricket ground of the Basin Reserve is in a very bad condition; in fact, it is the worst ground in the city, being very uneven, full of hollows and hills."

HUTT BOROUGH COUNCIL.

Mr. F. Peake, of the Basin Reserve Committee, said that the whole matter was a question of money, and the reserve committee had no funds.

Mr. F. Peake, of the Basin Reserve Committee, said that the whole matter was a question of money, and the reserve committee had no funds.

Mr. F. Peake, of the Basin Reserve Committee, said that the whole matter was a question of money, and the reserve committee had no funds.

Mr. Norwood paid a tribute to Mr. Newell, the curator, for his services to the cricket ground.

Mr. Norwood paid a tribute to Mr. Newell, the curator, for his services to the cricket ground.

Mr. Norwood paid a tribute to Mr. Newell, the curator, for his services to the cricket ground.

The Lower Hutt Borough Council met last evening, those present being the Mayor (Mr. T. Peterkin), Crs. Gould, Hobbs, Ball, Hodges, and Knight.

The Lower Hutt Borough Council met last evening, those present being the Mayor (Mr. T. Peterkin), Crs. Gould, Hobbs, Ball, Hodges, and Knight.

The Lower Hutt Borough Council met last evening, those present being the Mayor (Mr. T. Peterkin), Crs. Gould, Hobbs, Ball, Hodges, and Knight.

The Wellington Harbour Board's plan for the deviation of the road at Petone was adopted.

The Wellington Harbour Board's plan for the deviation of the road at Petone was adopted.

The Wellington Harbour Board's plan for the deviation of the road at Petone was adopted.

The finance of the council is being carefully considered.

The finance of the council is being carefully considered.

The finance of the council is being carefully considered.

In Gonville 25 playing-card factories have produced in one year 3,771,941 packs of cards.

In Gonville 25 playing-card factories have produced in one year 3,771,941 packs of cards.

In Gonville 25 playing-card factories have produced in one year 3,771,941 packs of cards.

For the past twenty years the Basin Reserve—Wellington's most central and valuable playing ground—has been neglected. The authorities have only deemed it incumbent on them to exercise care in preservation of that half of the ground where the senior cricket games are played.

"I beg to report that the cricket ground of the Basin Reserve is in a very bad condition; in fact, it is the worst ground in the city, being very uneven, full of hollows and hills."

Mr. F. Peake, of the Basin Reserve Committee, said that the whole matter was a question of money, and the reserve committee had no funds.

Mr. Norwood paid a tribute to Mr. Newell, the curator, for his services to the cricket ground.

The Lower Hutt Borough Council met last evening, those present being the Mayor (Mr. T. Peterkin), Crs. Gould, Hobbs, Ball, Hodges, and Knight.

The Wellington Harbour Board's plan for the deviation of the road at Petone was adopted.

The finance of the council is being carefully considered.

In Gonville 25 playing-card factories have produced in one year 3,771,941 packs of cards.

For the past twenty years the Basin Reserve—Wellington's most central and valuable playing ground—has been neglected. The authorities have only deemed it incumbent on them to exercise care in preservation of that half of the ground where the senior cricket games are played.

"I beg to report that the cricket ground of the Basin Reserve is in a very bad condition; in fact, it is the worst ground in the city, being very uneven, full of hollows and hills."

Mr. F. Peake, of the Basin Reserve Committee, said that the whole matter was a question of money, and the reserve committee had no funds.

Mr. Norwood paid a tribute to Mr. Newell, the curator, for his services to the cricket ground.

The Lower Hutt Borough Council met last evening, those present being the Mayor (Mr. T. Peterkin), Crs. Gould, Hobbs, Ball, Hodges, and Knight.

The Wellington Harbour Board's plan for the deviation of the road at Petone was adopted.

The finance of the council is being carefully considered.

In Gonville 25 playing-card factories have produced in one year 3,771,941 packs of cards.

For the past twenty years the Basin Reserve—Wellington's most central and valuable playing ground—has been neglected. The authorities have only deemed it incumbent on them to exercise care in preservation of that half of the ground where the senior cricket games are played.

"I beg to report that the cricket ground of the Basin Reserve is in a very bad condition; in fact, it is the worst ground in the city, being very uneven, full of hollows and hills."

Mr. F. Peake, of the Basin Reserve Committee, said that the whole matter was a question of money, and the reserve committee had no funds.

Mr. Norwood paid a tribute to Mr. Newell, the curator, for his services to the cricket ground.

The Lower Hutt Borough Council met last evening, those present being the Mayor (Mr. T. Peterkin), Crs. Gould, Hobbs, Ball, Hodges, and Knight.

The Wellington Harbour Board's plan for the deviation of the road at Petone was adopted.

The finance of the council is being carefully considered.

In Gonville 25 playing-card factories have produced in one year 3,771,941 packs of cards.

For the past twenty years the Basin Reserve—Wellington's most central and valuable playing ground—has been neglected. The authorities have only deemed it incumbent on them to exercise care in preservation of that half of the ground where the senior cricket games are played.

"I beg to report that the cricket ground of the Basin Reserve is in a very bad condition; in fact, it is the worst ground in the city, being very uneven, full of hollows and hills."

Mr. F. Peake, of the Basin Reserve Committee, said that the whole matter was a question of money, and the reserve committee had no funds.

Mr. Norwood paid a tribute to Mr. Newell, the curator, for his services to the cricket ground.

The Lower Hutt Borough Council met last evening, those present being the Mayor (Mr. T. Peterkin), Crs. Gould, Hobbs, Ball, Hodges, and Knight.

The Wellington Harbour Board's plan for the deviation of the road at Petone was adopted.

The finance of the council is being carefully considered.

In Gonville 25 playing-card factories have produced in one year 3,771,941 packs of cards.

For the past twenty years the Basin Reserve—Wellington's most central and valuable playing ground—has been neglected. The authorities have only deemed it incumbent on them to exercise care in preservation of that half of the ground where the senior cricket games are played.

"I beg to report that the cricket ground of the Basin Reserve is in a very bad condition; in fact, it is the worst ground in the city, being very uneven, full of hollows and hills."

Mr. F. Peake, of the Basin Reserve Committee, said that the whole matter was a question of money, and the reserve committee had no funds.

Mr. Norwood paid a tribute to Mr. Newell, the curator, for his services to the cricket ground.

The Lower Hutt Borough Council met last evening, those present being the Mayor (Mr. T. Peterkin), Crs. Gould, Hobbs, Ball, Hodges, and Knight.

The Wellington Harbour Board's plan for the deviation of the road at Petone was adopted.

The finance of the council is being carefully considered.

In Gonville 25 playing-card factories have produced in one year 3,771,941 packs of cards.
